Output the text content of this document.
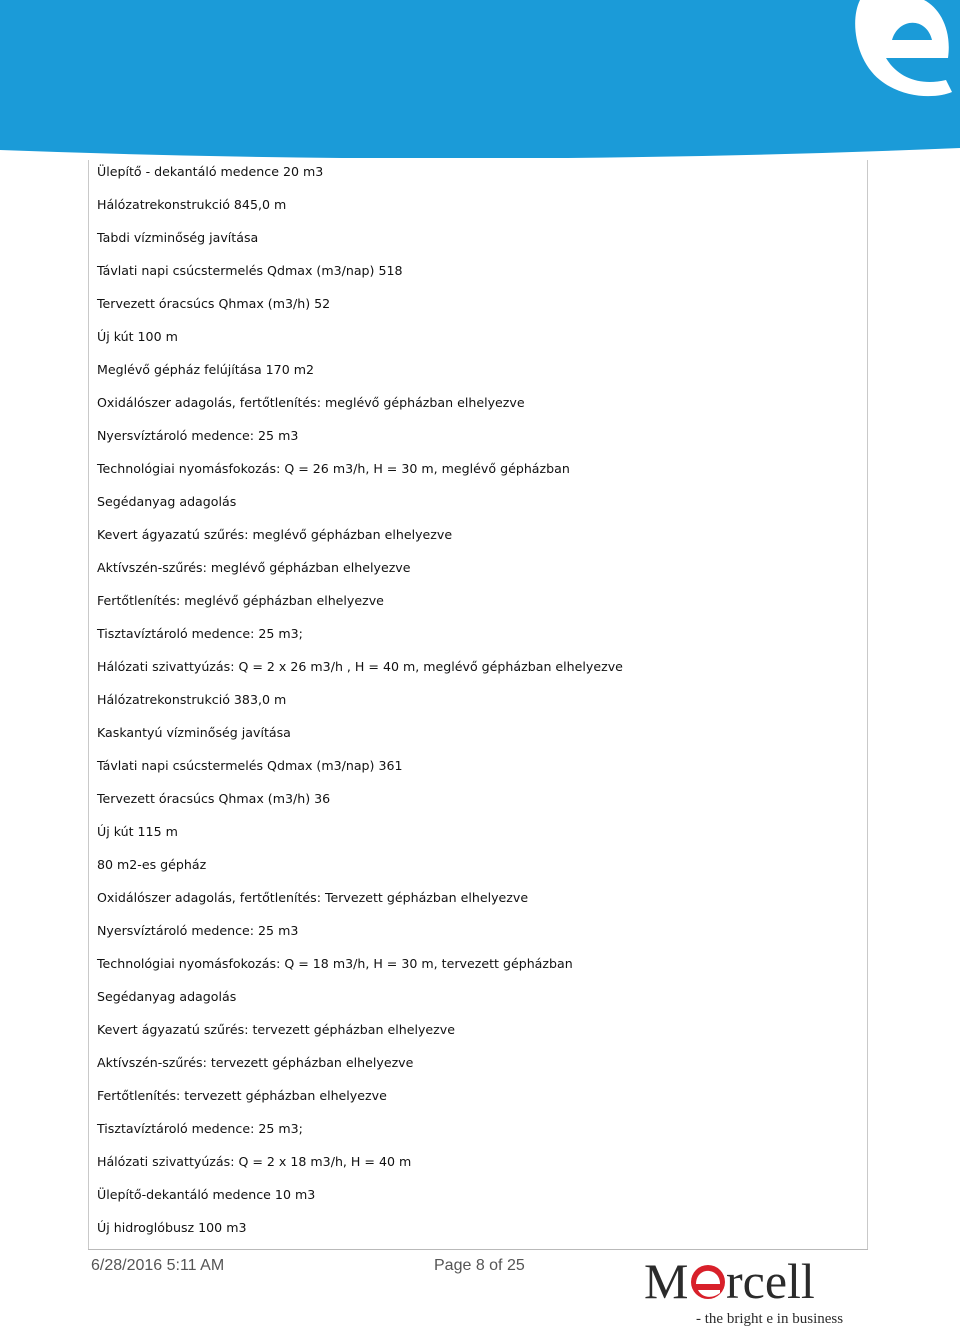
Ülepítő - dekantáló medence 20 m3
Hálózatrekonstrukció 845,0 m
Tabdi vízminőség javítása
Távlati napi csúcstermelés Qdmax (m3/nap) 518
Tervezett óracsúcs Qhmax (m3/h) 52
Új kút 100 m
Meglévő gépház felújítása 170 m2
Oxidálószer adagolás, fertőtlenítés: meglévő gépházban elhelyezve
Nyersvíztároló medence: 25 m3
Technológiai nyomásfokozás: Q = 26 m3/h, H = 30 m, meglévő gépházban
Segédanyag adagolás
Kevert ágyazatú szűrés: meglévő gépházban elhelyezve
Aktívszén-szűrés: meglévő gépházban elhelyezve
Fertőtlenítés: meglévő gépházban elhelyezve
Tisztavíztároló medence: 25 m3;
Hálózati szivattyúzás: Q = 2 x 26 m3/h , H = 40 m, meglévő gépházban elhelyezve
Hálózatrekonstrukció 383,0 m
Kaskantyú vízminőség javítása
Távlati napi csúcstermelés Qdmax (m3/nap) 361
Tervezett óracsúcs Qhmax (m3/h) 36
Új kút 115 m
80 m2-es gépház
Oxidálószer adagolás, fertőtlenítés: Tervezett gépházban elhelyezve
Nyersvíztároló medence: 25 m3
Technológiai nyomásfokozás: Q = 18 m3/h, H = 30 m, tervezett gépházban
Segédanyag adagolás
Kevert ágyazatú szűrés: tervezett gépházban elhelyezve
Aktívszén-szűrés: tervezett gépházban elhelyezve
Fertőtlenítés: tervezett gépházban elhelyezve
Tisztavíztároló medence: 25 m3;
Hálózati szivattyúzás: Q = 2 x 18 m3/h, H = 40 m
Ülepítő-dekantáló medence 10 m3
Új hidroglóbusz 100 m3
6/28/2016 5:11 AM	Page 8 of 25 M rcell
- the bright e in business
